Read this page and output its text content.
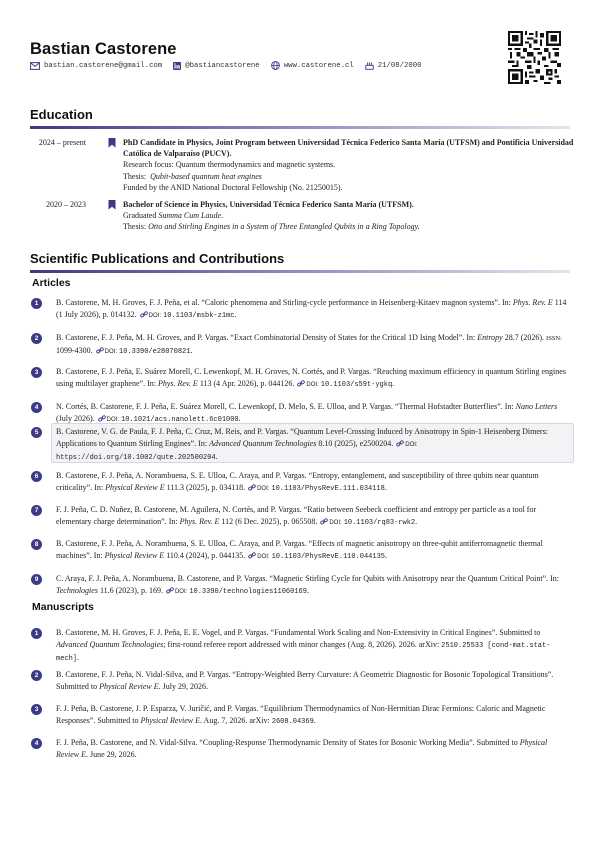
Bastian Castorene
bastian.castorene@gmail.com	@bastiancastorene	www.castorene.cl	21/08/2000
Education
2024 – present	PhD Candidate in Physics, Joint Program between Universidad Técnica Federico Santa María (UTFSM) and Pontificia Universidad Católica de Valparaíso (PUCV).
Research focus: Quantum thermodynamics and magnetic systems.
Thesis: Qubit-based quantum heat engines
Funded by the ANID National Doctoral Fellowship (No. 21250015).
2020 – 2023	Bachelor of Science in Physics, Universidad Técnica Federico Santa María (UTFSM).
Graduated Summa Cum Laude.
Thesis: Otto and Stirling Engines in a System of Three Entangled Qubits in a Ring Topology.
Scientific Publications and Contributions
Articles
1	B. Castorene, M. H. Groves, F. J. Peña, et al. “Caloric phenomena and Stirling-cycle performance in Heisenberg-Kitaev magnon systems”. In: Phys. Rev. E 114 (1 July 2026), p. 014132. DOI: 10.1103/msbk-z1mc.
2	B. Castorene, F. J. Peña, M. H. Groves, and P. Vargas. “Exact Combinatorial Density of States for the Critical 1D Ising Model”. In: Entropy 28.7 (2026). ISSN: 1099-4300. DOI: 10.3390/e28070821.
3	B. Castorene, F. J. Peña, E. Suárez Morell, C. Lewenkopf, M. H. Groves, N. Cortés, and P. Vargas. “Reaching maximum efficiency in quantum Stirling engines using multilayer graphene”. In: Phys. Rev. E 113 (4 Apr. 2026), p. 044126. DOI: 10.1103/s59t-ygkq.
4	N. Cortés, B. Castorene, F. J. Peña, E. Suárez Morell, C. Lewenkopf, D. Melo, S. E. Ulloa, and P. Vargas. “Thermal Hofstadter Butterflies”. In: Nano Letters (July 2026). DOI: 10.1021/acs.nanolett.6c01000.
5	B. Castorene, V. G. de Paula, F. J. Peña, C. Cruz, M. Reis, and P. Vargas. “Quantum Level-Crossing Induced by Anisotropy in Spin-1 Heisenberg Dimers: Applications to Quantum Stirling Engines”. In: Advanced Quantum Technologies 8.10 (2025), e2500204. DOI: https://doi.org/10.1002/qute.202500204.
6	B. Castorene, F. J. Peña, A. Norambuena, S. E. Ulloa, C. Araya, and P. Vargas. “Entropy, entanglement, and susceptibility of three qubits near quantum criticality”. In: Physical Review E 111.3 (2025), p. 034118. DOI: 10.1103/PhysRevE.111.034118.
7	F. J. Peña, C. D. Nuñez, B. Castorene, M. Aguilera, N. Cortés, and P. Vargas. “Ratio between Seebeck coefficient and entropy per particle as a tool for elementary charge determination”. In: Phys. Rev. E 112 (6 Dec. 2025), p. 065508. DOI: 10.1103/rq83-rwk2.
8	B. Castorene, F. J. Peña, A. Norambuena, S. E. Ulloa, C. Araya, and P. Vargas. “Effects of magnetic anisotropy on three-qubit antiferromagnetic thermal machines”. In: Physical Review E 110.4 (2024), p. 044135. DOI: 10.1103/PhysRevE.110.044135.
9	C. Araya, F. J. Peña, A. Norambuena, B. Castorene, and P. Vargas. “Magnetic Stirling Cycle for Qubits with Anisotropy near the Quantum Critical Point”. In: Technologies 11.6 (2023), p. 169. DOI: 10.3390/technologies11060169.
Manuscripts
1	B. Castorene, M. H. Groves, F. J. Peña, E. E. Vogel, and P. Vargas. “Fundamental Work Scaling and Non-Extensivity in Critical Engines”. Submitted to Advanced Quantum Technologies; first-round referee report addressed with minor changes (Aug. 8, 2026). 2026. arXiv: 2510.25533 [cond-mat.stat-mech].
2	B. Castorene, F. J. Peña, N. Vidal-Silva, and P. Vargas. “Entropy-Weighted Berry Curvature: A Geometric Diagnostic for Bosonic Topological Transitions”. Submitted to Physical Review E. July 29, 2026.
3	F. J. Peña, B. Castorene, J. P. Esparza, V. Juričić, and P. Vargas. “Equilibrium Thermodynamics of Non-Hermitian Dirac Fermions: Caloric and Magnetic Responses”. Submitted to Physical Review E. Aug. 7, 2026. arXiv: 2608.04369.
4	F. J. Peña, B. Castorene, and N. Vidal-Silva. “Coupling-Response Thermodynamic Density of States for Bosonic Working Media”. Submitted to Physical Review E. June 29, 2026.
